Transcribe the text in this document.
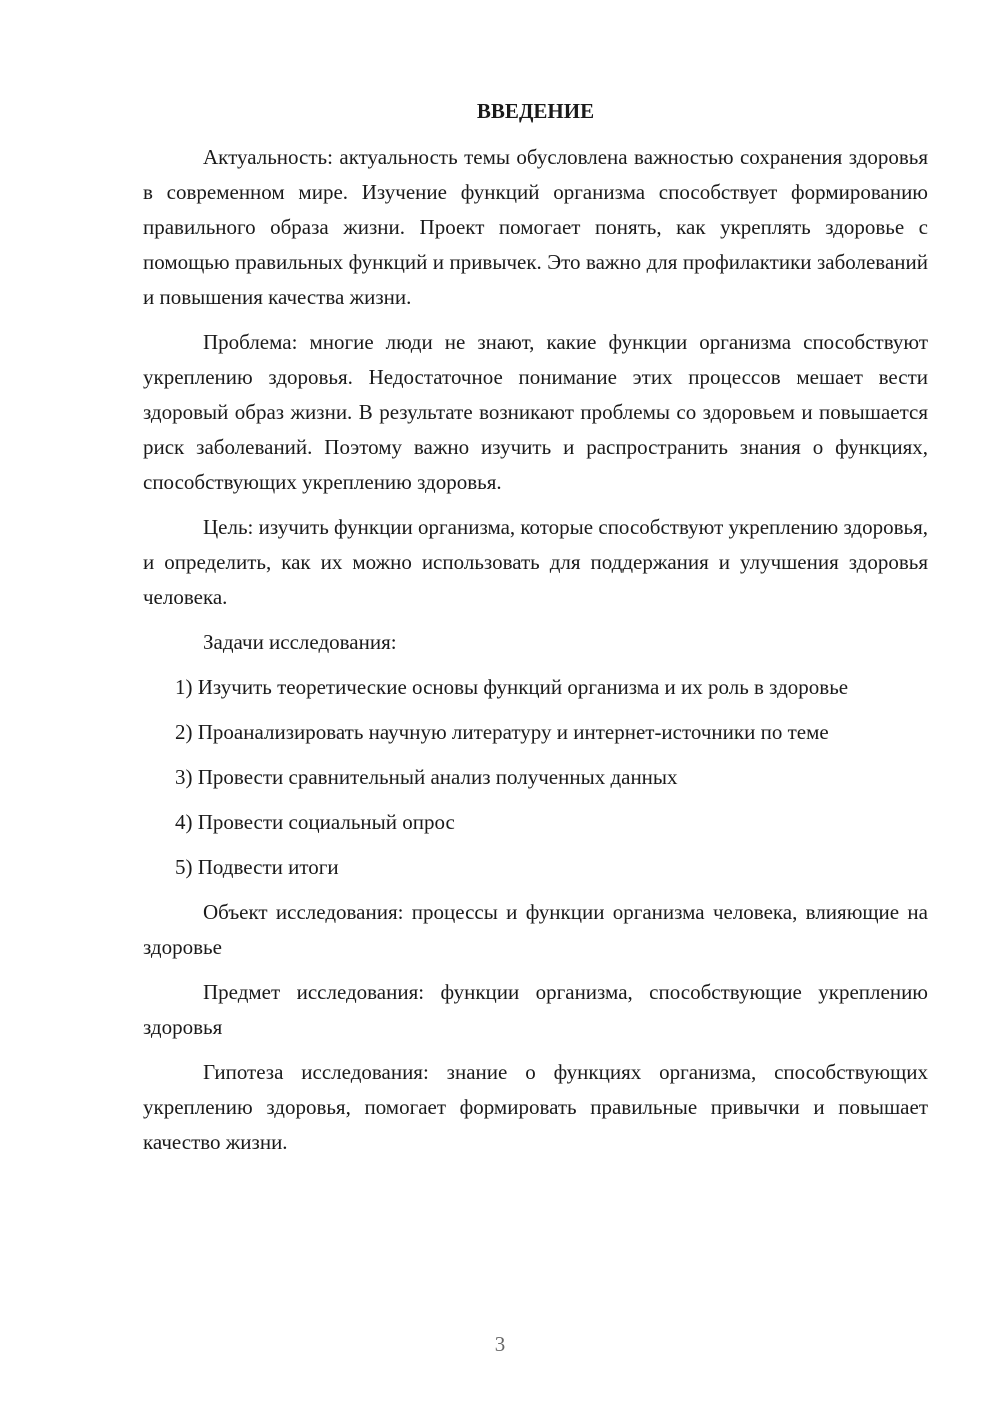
ВВЕДЕНИЕ

Актуальность: актуальность темы обусловлена важностью сохранения здоровья в современном мире. Изучение функций организма способствует формированию правильного образа жизни. Проект помогает понять, как укреплять здоровье с помощью правильных функций и привычек. Это важно для профилактики заболеваний и повышения качества жизни.

Проблема: многие люди не знают, какие функции организма способствуют укреплению здоровья. Недостаточное понимание этих процессов мешает вести здоровый образ жизни. В результате возникают проблемы со здоровьем и повышается риск заболеваний. Поэтому важно изучить и распространить знания о функциях, способствующих укреплению здоровья.

Цель: изучить функции организма, которые способствуют укреплению здоровья, и определить, как их можно использовать для поддержания и улучшения здоровья человека.

Задачи исследования:

1) Изучить теоретические основы функций организма и их роль в здоровье

2) Проанализировать научную литературу и интернет-источники по теме

3) Провести сравнительный анализ полученных данных

4) Провести социальный опрос

5) Подвести итоги

Объект исследования: процессы и функции организма человека, влияющие на здоровье

Предмет исследования: функции организма, способствующие укреплению здоровья

Гипотеза исследования: знание о функциях организма, способствующих укреплению здоровья, помогает формировать правильные привычки и повышает качество жизни.

3
